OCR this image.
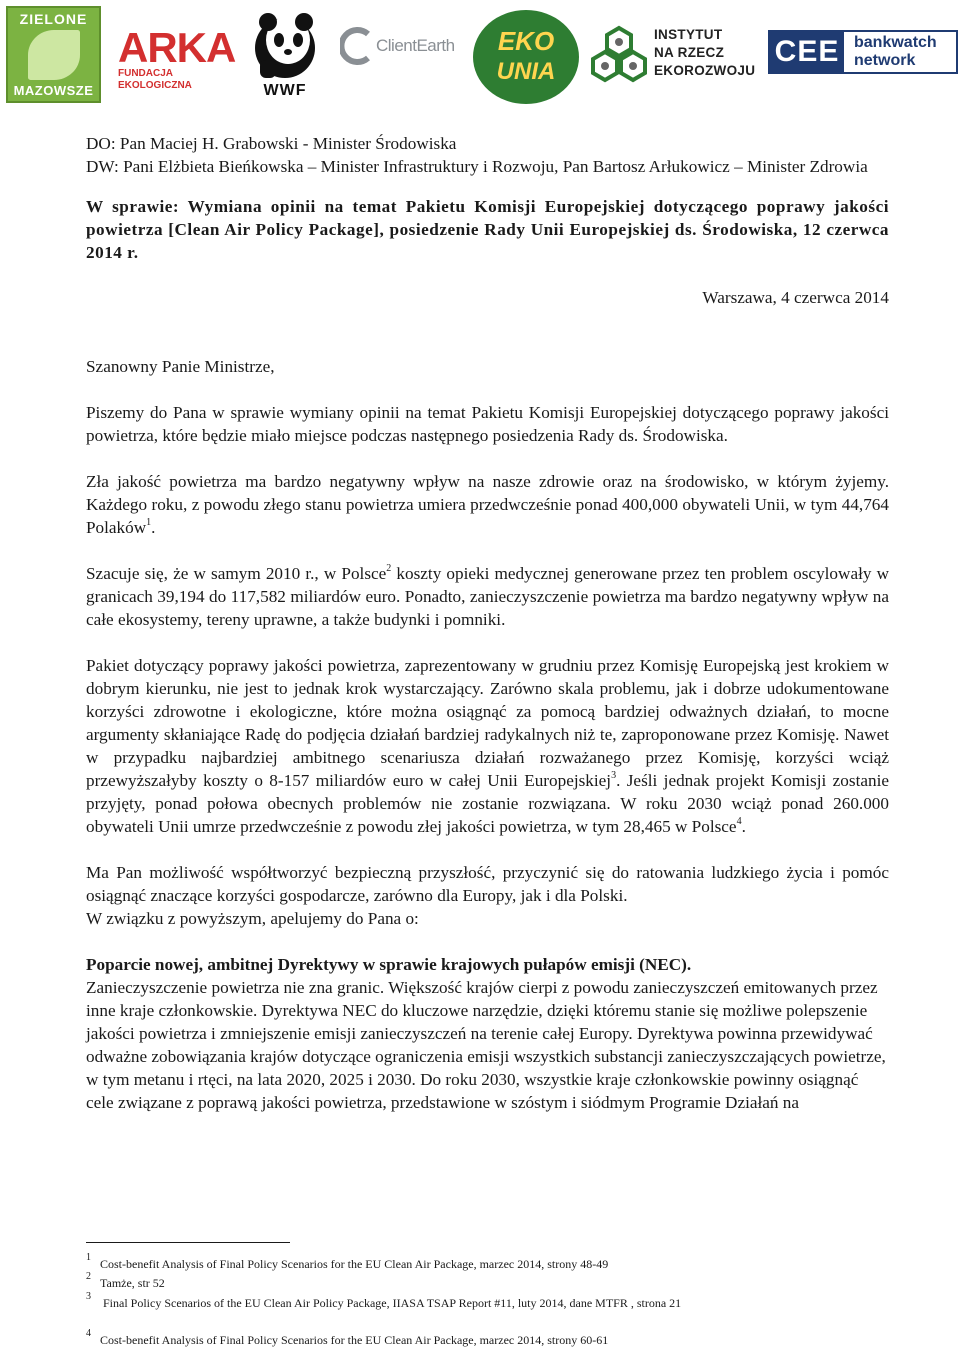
ZIELONE
MAZOWSZE
ARKA
FUNDACJA EKOLOGICZNA	WWF
ClientEarth	EKO
UNIA
INSTYTUT
NA RZECZ
EKOROZWOJU
CEE bankwatch
network

DO: Pan Maciej H. Grabowski - Minister Środowiska

DW: Pani Elżbieta Bieńkowska – Minister Infrastruktury i Rozwoju, Pan Bartosz Arłukowicz – Minister Zdrowia

W sprawie: Wymiana opinii na temat Pakietu Komisji Europejskiej dotyczącego poprawy jakości powietrza [Clean Air Policy Package], posiedzenie Rady Unii Europejskiej ds. Środowiska, 12 czerwca 2014 r.

Warszawa, 4 czerwca 2014

Szanowny Panie Ministrze,

Piszemy do Pana w sprawie wymiany opinii na temat Pakietu Komisji Europejskiej dotyczącego poprawy jakości powietrza, które będzie miało miejsce podczas następnego posiedzenia Rady ds. Środowiska.

Zła jakość powietrza ma bardzo negatywny wpływ na nasze zdrowie oraz na środowisko, w którym żyjemy. Każdego roku, z powodu złego stanu powietrza umiera przedwcześnie ponad 400,000 obywateli Unii, w tym 44,764 Polaków$^1$.

Szacuje się, że w samym 2010 r., w Polsce$^2$ koszty opieki medycznej generowane przez ten problem oscylowały w granicach 39,194 do 117,582 miliardów euro. Ponadto, zanieczyszczenie powietrza ma bardzo negatywny wpływ na całe ekosystemy, tereny uprawne, a także budynki i pomniki.

Pakiet dotyczący poprawy jakości powietrza, zaprezentowany w grudniu przez Komisję Europejską jest krokiem w dobrym kierunku, nie jest to jednak krok wystarczający. Zarówno skala problemu, jak i dobrze udokumentowane korzyści zdrowotne i ekologiczne, które można osiągnąć za pomocą bardziej odważnych działań, to mocne argumenty skłaniające Radę do podjęcia działań bardziej radykalnych niż te, zaproponowane przez Komisję. Nawet w przypadku najbardziej ambitnego scenariusza działań rozważanego przez Komisję, korzyści wciąż przewyższałyby koszty o 8-157 miliardów euro w całej Unii Europejskiej$^3$. Jeśli jednak projekt Komisji zostanie przyjęty, ponad połowa obecnych problemów nie zostanie rozwiązana. W roku 2030 wciąż ponad 260.000 obywateli Unii umrze przedwcześnie z powodu złej jakości powietrza, w tym 28,465 w Polsce$^4$.

Ma Pan możliwość współtworzyć bezpieczną przyszłość, przyczynić się do ratowania ludzkiego życia i pomóc osiągnąć znaczące korzyści gospodarcze, zarówno dla Europy, jak i dla Polski.

W związku z powyższym, apelujemy do Pana o:

Poparcie nowej, ambitnej Dyrektywy w sprawie krajowych pułapów emisji (NEC).

Zanieczyszczenie powietrza nie zna granic. Większość krajów cierpi z powodu zanieczyszczeń emitowanych przez inne kraje członkowskie. Dyrektywa NEC do kluczowe narzędzie, dzięki któremu stanie się możliwe polepszenie jakości powietrza i zmniejszenie emisji zanieczyszczeń na terenie całej Europy. Dyrektywa powinna przewidywać odważne zobowiązania krajów dotyczące ograniczenia emisji wszystkich substancji zanieczyszczających powietrze, w tym metanu i rtęci, na lata 2020, 2025 i 2030. Do roku 2030, wszystkie kraje członkowskie powinny osiągnąć cele związane z poprawą jakości powietrza, przedstawione w szóstym i siódmym Programie Działań na

1 Cost-benefit Analysis of Final Policy Scenarios for the EU Clean Air Package, marzec 2014, strony 48-49
2 Tamże, str 52
3 Final Policy Scenarios of the EU Clean Air Policy Package, IIASA TSAP Report #11, luty 2014, dane MTFR , strona 21
4 Cost-benefit Analysis of Final Policy Scenarios for the EU Clean Air Package, marzec 2014, strony 60-61
